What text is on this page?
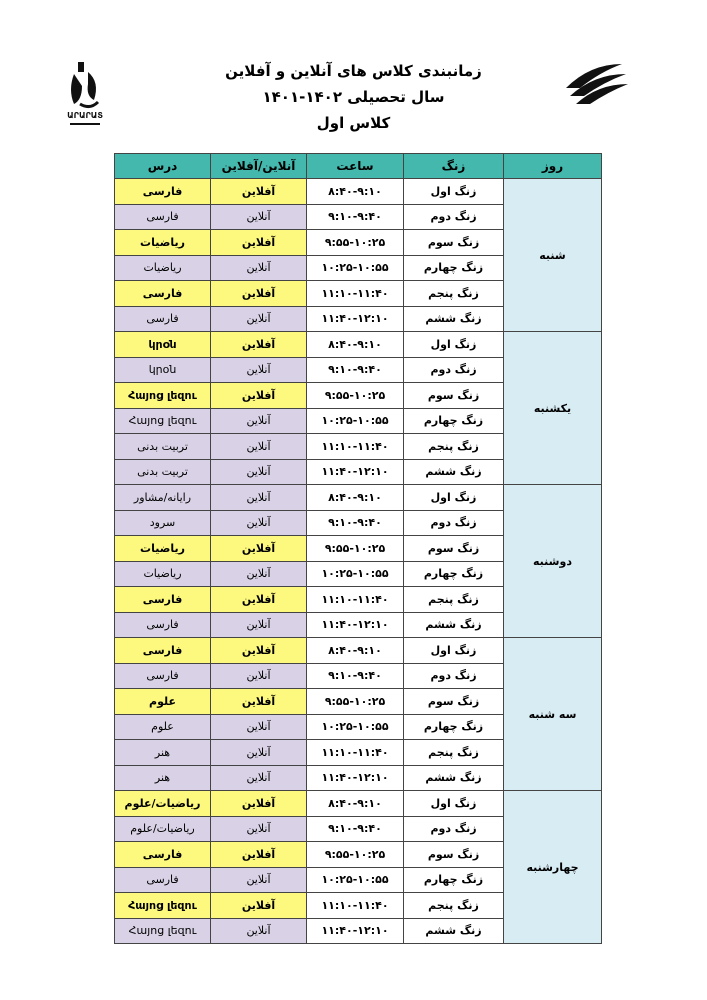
ԱՐԱՐԱՏ
زمانبندی کلاس های آنلاین و آفلاین
سال تحصیلی ۱۴۰۲-۱۴۰۱
کلاس اول
روز	زنگ	ساعت	آنلاین/آفلاین	درس
شنبه	زنگ اول	۸:۴۰-۹:۱۰	آفلاین	فارسی
	زنگ دوم	۹:۱۰-۹:۴۰	آنلاین	فارسی
	زنگ سوم	۹:۵۵-۱۰:۲۵	آفلاین	ریاضیات
	زنگ چهارم	۱۰:۲۵-۱۰:۵۵	آنلاین	ریاضیات
	زنگ پنجم	۱۱:۱۰-۱۱:۴۰	آفلاین	فارسی
	زنگ ششم	۱۱:۴۰-۱۲:۱۰	آنلاین	فارسی
یکشنبه	زنگ اول	۸:۴۰-۹:۱۰	آفلاین	կրօն
	زنگ دوم	۹:۱۰-۹:۴۰	آنلاین	կրօն
	زنگ سوم	۹:۵۵-۱۰:۲۵	آفلاین	Հայոց լեզու
	زنگ چهارم	۱۰:۲۵-۱۰:۵۵	آنلاین	Հայոց լեզու
	زنگ پنجم	۱۱:۱۰-۱۱:۴۰	آنلاین	تربیت بدنی
	زنگ ششم	۱۱:۴۰-۱۲:۱۰	آنلاین	تربیت بدنی
دوشنبه	زنگ اول	۸:۴۰-۹:۱۰	آنلاین	رایانه/مشاور
	زنگ دوم	۹:۱۰-۹:۴۰	آنلاین	سرود
	زنگ سوم	۹:۵۵-۱۰:۲۵	آفلاین	ریاضیات
	زنگ چهارم	۱۰:۲۵-۱۰:۵۵	آنلاین	ریاضیات
	زنگ پنجم	۱۱:۱۰-۱۱:۴۰	آفلاین	فارسی
	زنگ ششم	۱۱:۴۰-۱۲:۱۰	آنلاین	فارسی
سه شنبه	زنگ اول	۸:۴۰-۹:۱۰	آفلاین	فارسی
	زنگ دوم	۹:۱۰-۹:۴۰	آنلاین	فارسی
	زنگ سوم	۹:۵۵-۱۰:۲۵	آفلاین	علوم
	زنگ چهارم	۱۰:۲۵-۱۰:۵۵	آنلاین	علوم
	زنگ پنجم	۱۱:۱۰-۱۱:۴۰	آنلاین	هنر
	زنگ ششم	۱۱:۴۰-۱۲:۱۰	آنلاین	هنر
چهارشنبه	زنگ اول	۸:۴۰-۹:۱۰	آفلاین	ریاضیات/علوم
	زنگ دوم	۹:۱۰-۹:۴۰	آنلاین	ریاضیات/علوم
	زنگ سوم	۹:۵۵-۱۰:۲۵	آفلاین	فارسی
	زنگ چهارم	۱۰:۲۵-۱۰:۵۵	آنلاین	فارسی
	زنگ پنجم	۱۱:۱۰-۱۱:۴۰	آفلاین	Հայոց լեզու
	زنگ ششم	۱۱:۴۰-۱۲:۱۰	آنلاین	Հայոց լեզու
